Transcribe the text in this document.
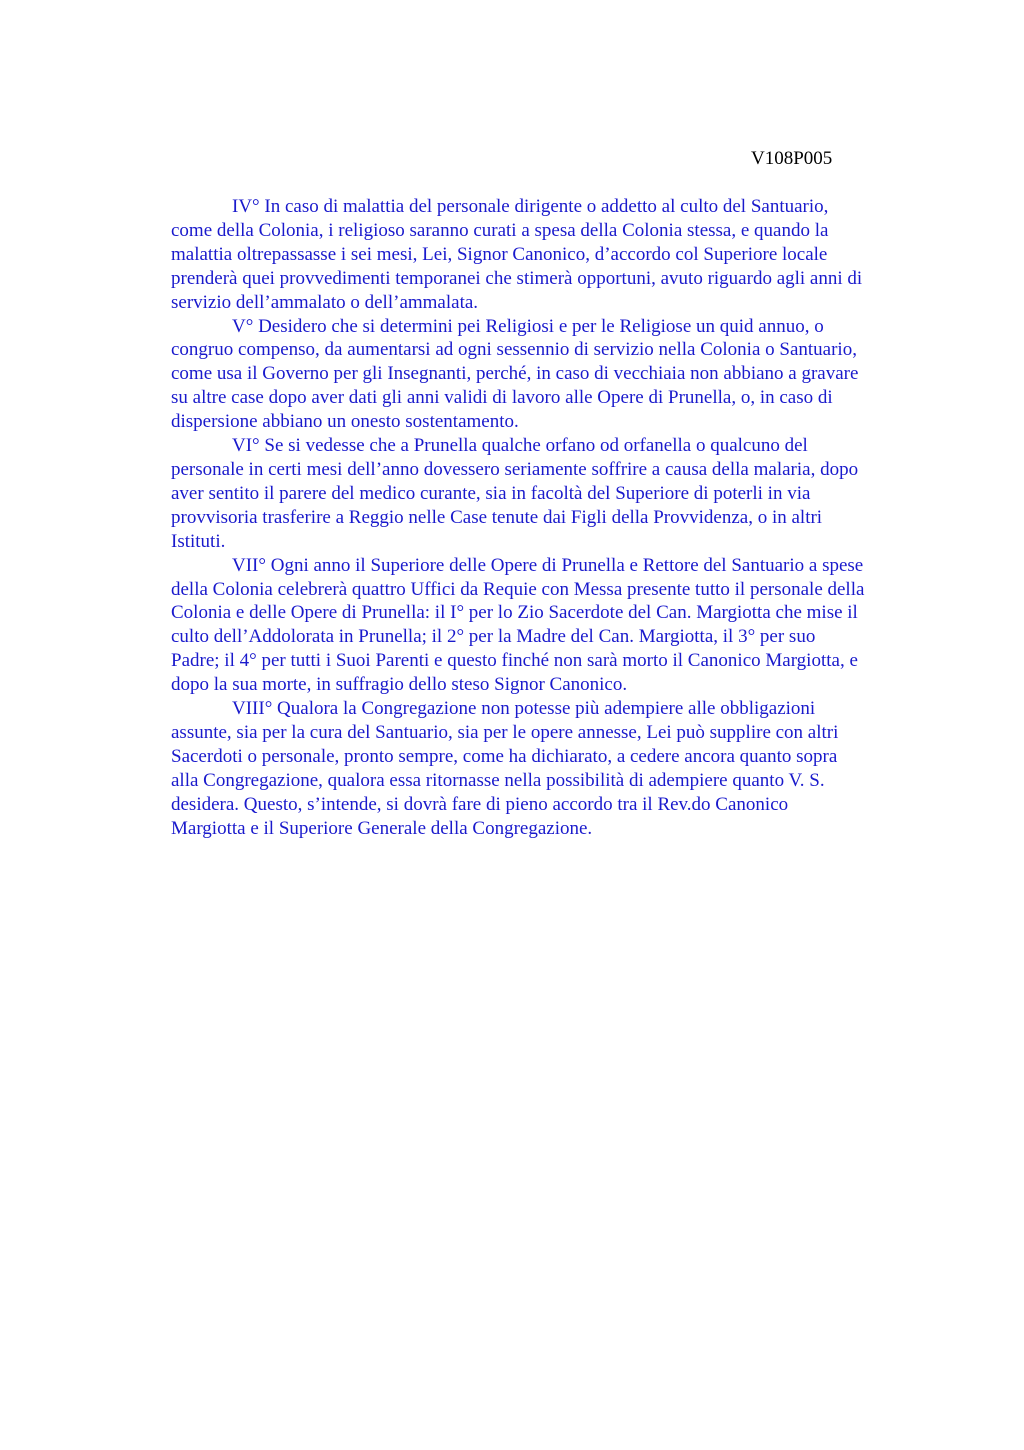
V108P005

IV° In caso di malattia del personale dirigente o addetto al culto del Santuario,
come della Colonia, i religioso saranno curati a spesa della Colonia stessa, e quando la
malattia oltrepassasse i sei mesi, Lei, Signor Canonico, d’accordo col Superiore locale
prenderà quei provvedimenti temporanei che stimerà opportuni, avuto riguardo agli anni di
servizio dell’ammalato o dell’ammalata.

V° Desidero che si determini pei Religiosi e per le Religiose un quid annuo, o
congruo compenso, da aumentarsi ad ogni sessennio di servizio nella Colonia o Santuario,
come usa il Governo per gli Insegnanti, perché, in caso di vecchiaia non abbiano a gravare
su altre case dopo aver dati gli anni validi di lavoro alle Opere di Prunella, o, in caso di
dispersione abbiano un onesto sostentamento.

VI° Se si vedesse che a Prunella qualche orfano od orfanella o qualcuno del
personale in certi mesi dell’anno dovessero seriamente soffrire a causa della malaria, dopo
aver sentito il parere del medico curante, sia in facoltà del Superiore di poterli in via
provvisoria trasferire a Reggio nelle Case tenute dai Figli della Provvidenza, o in altri
Istituti.

VII° Ogni anno il Superiore delle Opere di Prunella e Rettore del Santuario a spese
della Colonia celebrerà quattro Uffici da Requie con Messa presente tutto il personale della
Colonia e delle Opere di Prunella: il I° per lo Zio Sacerdote del Can. Margiotta che mise il
culto dell’Addolorata in Prunella; il 2° per la Madre del Can. Margiotta, il 3° per suo
Padre; il 4° per tutti i Suoi Parenti e questo finché non sarà morto il Canonico Margiotta, e
dopo la sua morte, in suffragio dello steso Signor Canonico.

VIII° Qualora la Congregazione non potesse più adempiere alle obbligazioni
assunte, sia per la cura del Santuario, sia per le opere annesse, Lei può supplire con altri
Sacerdoti o personale, pronto sempre, come ha dichiarato, a cedere ancora quanto sopra
alla Congregazione, qualora essa ritornasse nella possibilità di adempiere quanto V. S.
desidera. Questo, s’intende, si dovrà fare di pieno accordo tra il Rev.do Canonico
Margiotta e il Superiore Generale della Congregazione.
